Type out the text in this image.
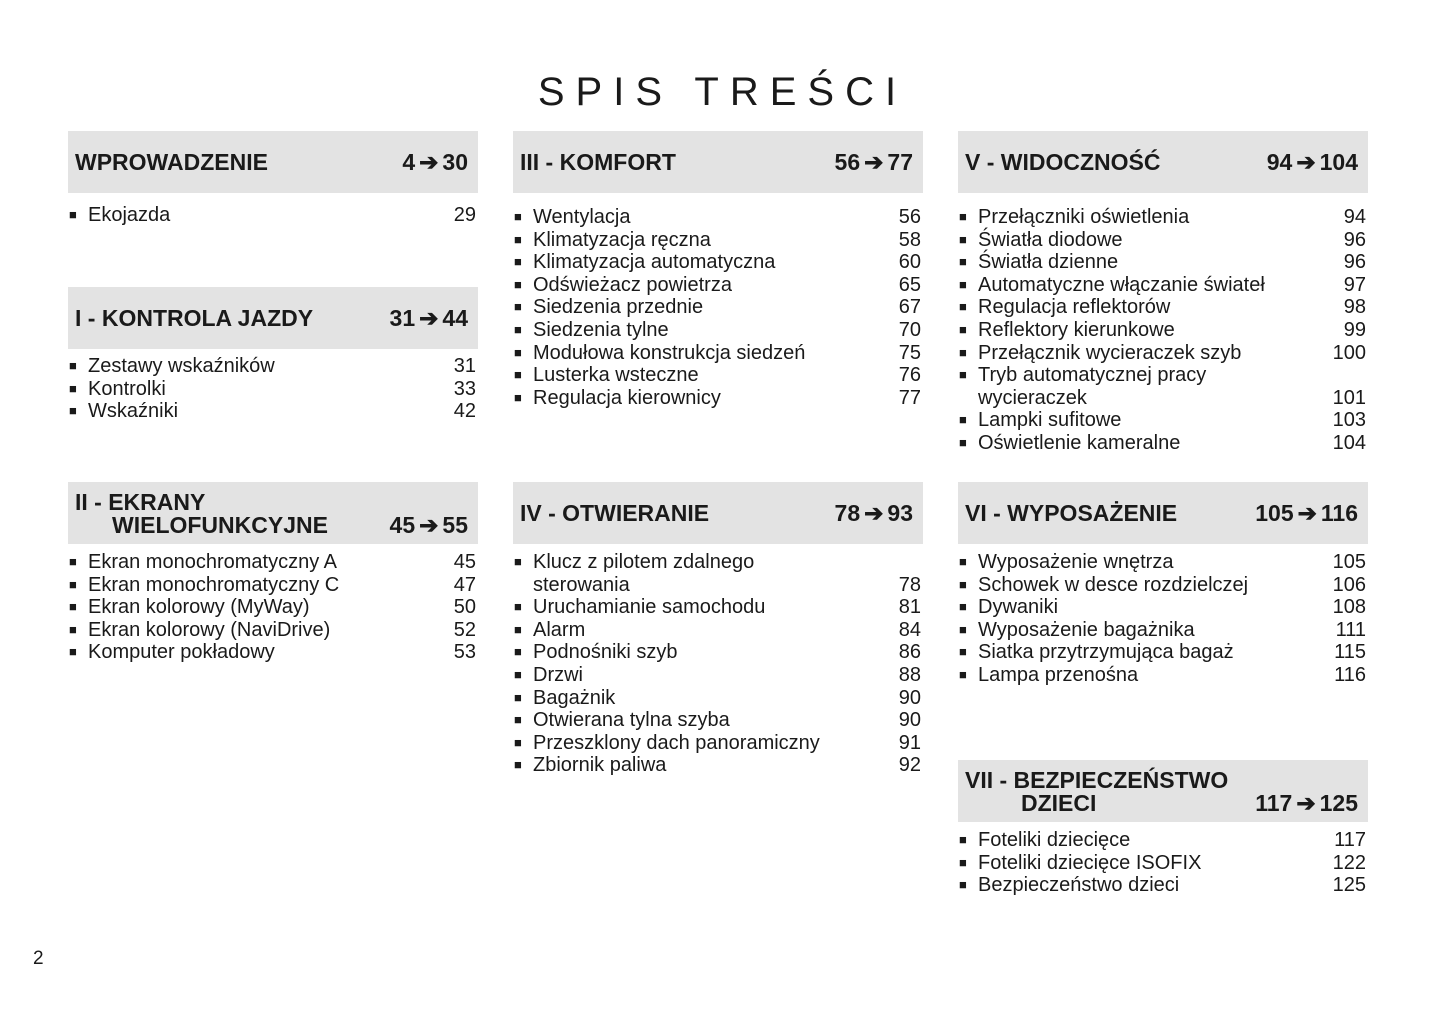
SPIS TREŚCI
WPROWADZENIE	4 ➔ 30
■ Ekojazda	29
I - KONTROLA JAZDY	31 ➔ 44
■ Zestawy wskaźników	31
■ Kontrolki	33
■ Wskaźniki	42
II - EKRANY
WIELOFUNKCYJNE	45 ➔ 55
■ Ekran monochromatyczny A	45
■ Ekran monochromatyczny C	47
■ Ekran kolorowy (MyWay)	50
■ Ekran kolorowy (NaviDrive)	52
■ Komputer pokładowy	53
III - KOMFORT	56 ➔ 77
■ Wentylacja	56
■ Klimatyzacja ręczna	58
■ Klimatyzacja automatyczna	60
■ Odświeżacz powietrza	65
■ Siedzenia przednie	67
■ Siedzenia tylne	70
■ Modułowa konstrukcja siedzeń	75
■ Lusterka wsteczne	76
■ Regulacja kierownicy	77
IV - OTWIERANIE	78 ➔ 93
■ Klucz z pilotem zdalnego
sterowania	78
■ Uruchamianie samochodu	81
■ Alarm	84
■ Podnośniki szyb	86
■ Drzwi	88
■ Bagażnik	90
■ Otwierana tylna szyba	90
■ Przeszklony dach panoramiczny	91
■ Zbiornik paliwa	92
V - WIDOCZNOŚĆ	94 ➔ 104
■ Przełączniki oświetlenia	94
■ Światła diodowe	96
■ Światła dzienne	96
■ Automatyczne włączanie świateł	97
■ Regulacja reflektorów	98
■ Reflektory kierunkowe	99
■ Przełącznik wycieraczek szyb	100
■ Tryb automatycznej pracy
wycieraczek	101
■ Lampki sufitowe	103
■ Oświetlenie kameralne	104
VI - WYPOSAŻENIE	105 ➔ 116
■ Wyposażenie wnętrza	105
■ Schowek w desce rozdzielczej	106
■ Dywaniki	108
■ Wyposażenie bagażnika	111
■ Siatka przytrzymująca bagaż	115
■ Lampa przenośna	116
VII - BEZPIECZEŃSTWO
DZIECI	117 ➔ 125
■ Foteliki dziecięce	117
■ Foteliki dziecięce ISOFIX	122
■ Bezpieczeństwo dzieci	125
2
